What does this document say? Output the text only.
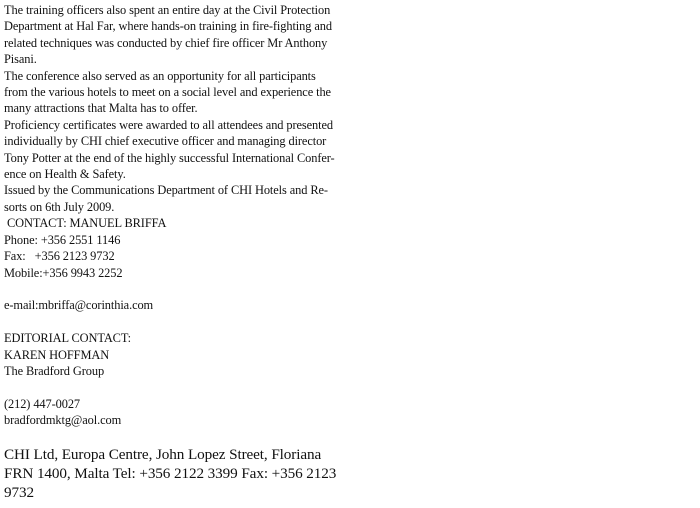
The training officers also spent an entire day at the Civil Protection
Department at Hal Far, where hands-on training in fire-fighting and
related techniques was conducted by chief fire officer Mr Anthony
Pisani.

The conference also served as an opportunity for all participants
from the various hotels to meet on a social level and experience the
many attractions that Malta has to offer.

Proficiency certificates were awarded to all attendees and presented
individually by CHI chief executive officer and managing director
Tony Potter at the end of the highly successful International Confer-
ence on Health & Safety.

Issued by the Communications Department of CHI Hotels and Re-
sorts on 6th July 2009.

CONTACT: MANUEL BRIFFA
Phone: +356 2551 1146
Fax:   +356 2123 9732
Mobile:+356 9943 2252
e-mail:mbriffa@corinthia.com
EDITORIAL CONTACT:
KAREN HOFFMAN
The Bradford Group
(212) 447-0027
bradfordmktg@aol.com
CHI Ltd, Europa Centre, John Lopez Street, Floriana
FRN 1400, Malta Tel: +356 2122 3399 Fax: +356 2123
9732
